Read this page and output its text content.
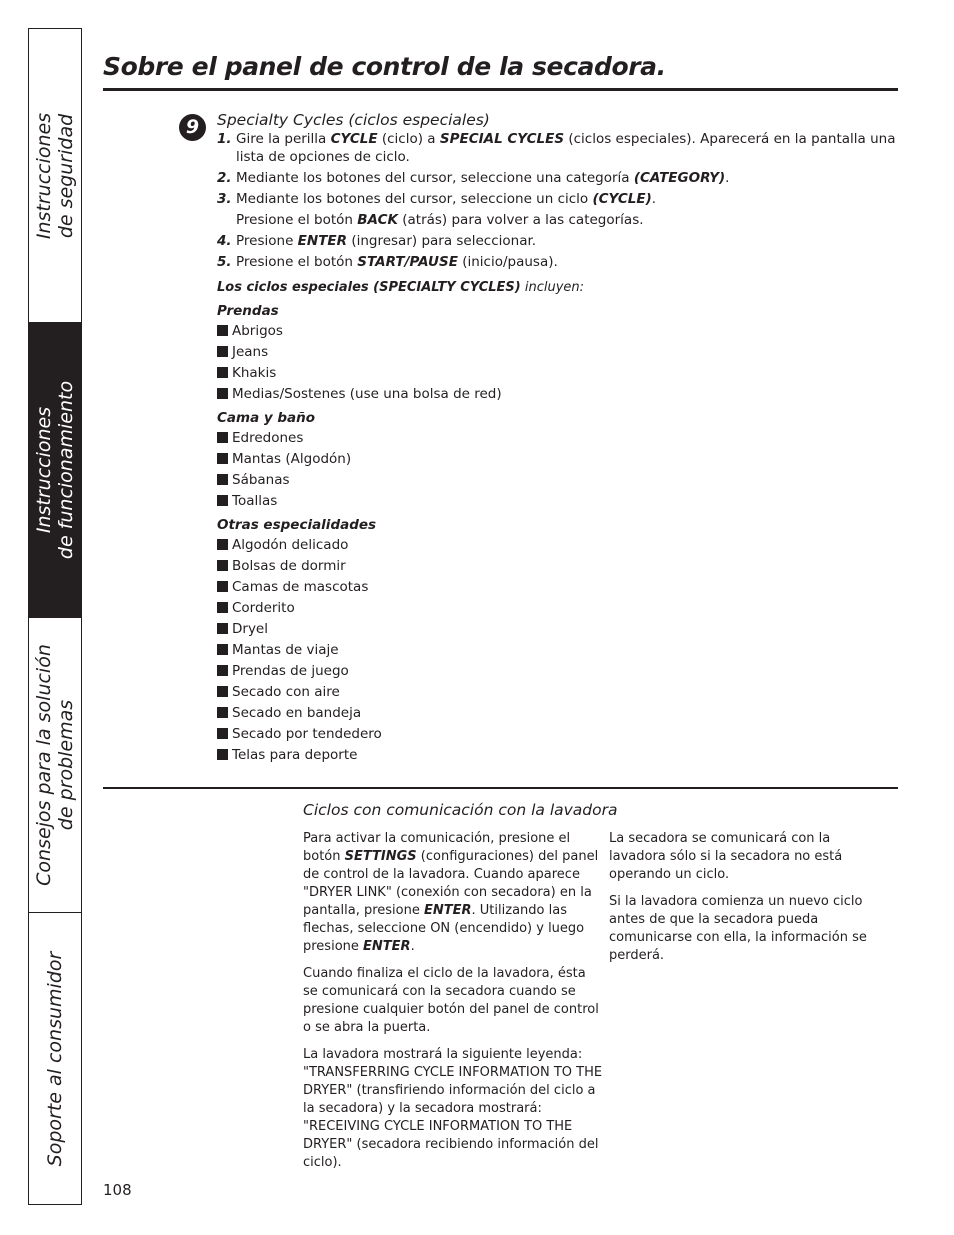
Instrucciones de seguridad
Instrucciones de funcionamiento
Consejos para la solución de problemas
Soporte al consumidor
Sobre el panel de control de la secadora.
9	Specialty Cycles (ciclos especiales)
1. Gire la perilla CYCLE (ciclo) a SPECIAL CYCLES (ciclos especiales). Aparecerá en la pantalla una lista de opciones de ciclo.
2. Mediante los botones del cursor, seleccione una categoría (CATEGORY).
3. Mediante los botones del cursor, seleccione un ciclo (CYCLE).
Presione el botón BACK (atrás) para volver a las categorías.
4. Presione ENTER (ingresar) para seleccionar.
5. Presione el botón START/PAUSE (inicio/pausa).

Los ciclos especiales (SPECIALTY CYCLES) incluyen:

Prendas

Abrigos
Jeans
Khakis
Medias/Sostenes (use una bolsa de red)

Cama y baño

Edredones
Mantas (Algodón)
Sábanas
Toallas

Otras especialidades

Algodón delicado
Bolsas de dormir
Camas de mascotas
Corderito
Dryel
Mantas de viaje
Prendas de juego
Secado con aire
Secado en bandeja
Secado por tendedero
Telas para deporte
Ciclos con comunicación con la lavadora

Para activar la comunicación, presione el botón SETTINGS (configuraciones) del panel de control de la lavadora. Cuando aparece "DRYER LINK" (conexión con secadora) en la pantalla, presione ENTER. Utilizando las flechas, seleccione ON (encendido) y luego presione ENTER.

Cuando finaliza el ciclo de la lavadora, ésta se comunicará con la secadora cuando se presione cualquier botón del panel de control o se abra la puerta.

La lavadora mostrará la siguiente leyenda: "TRANSFERRING CYCLE INFORMATION TO THE DRYER" (transfiriendo información del ciclo a la secadora) y la secadora mostrará: "RECEIVING CYCLE INFORMATION TO THE DRYER" (secadora recibiendo información del ciclo).

La secadora se comunicará con la lavadora sólo si la secadora no está operando un ciclo.

Si la lavadora comienza un nuevo ciclo antes de que la secadora pueda comunicarse con ella, la información se perderá.

108
